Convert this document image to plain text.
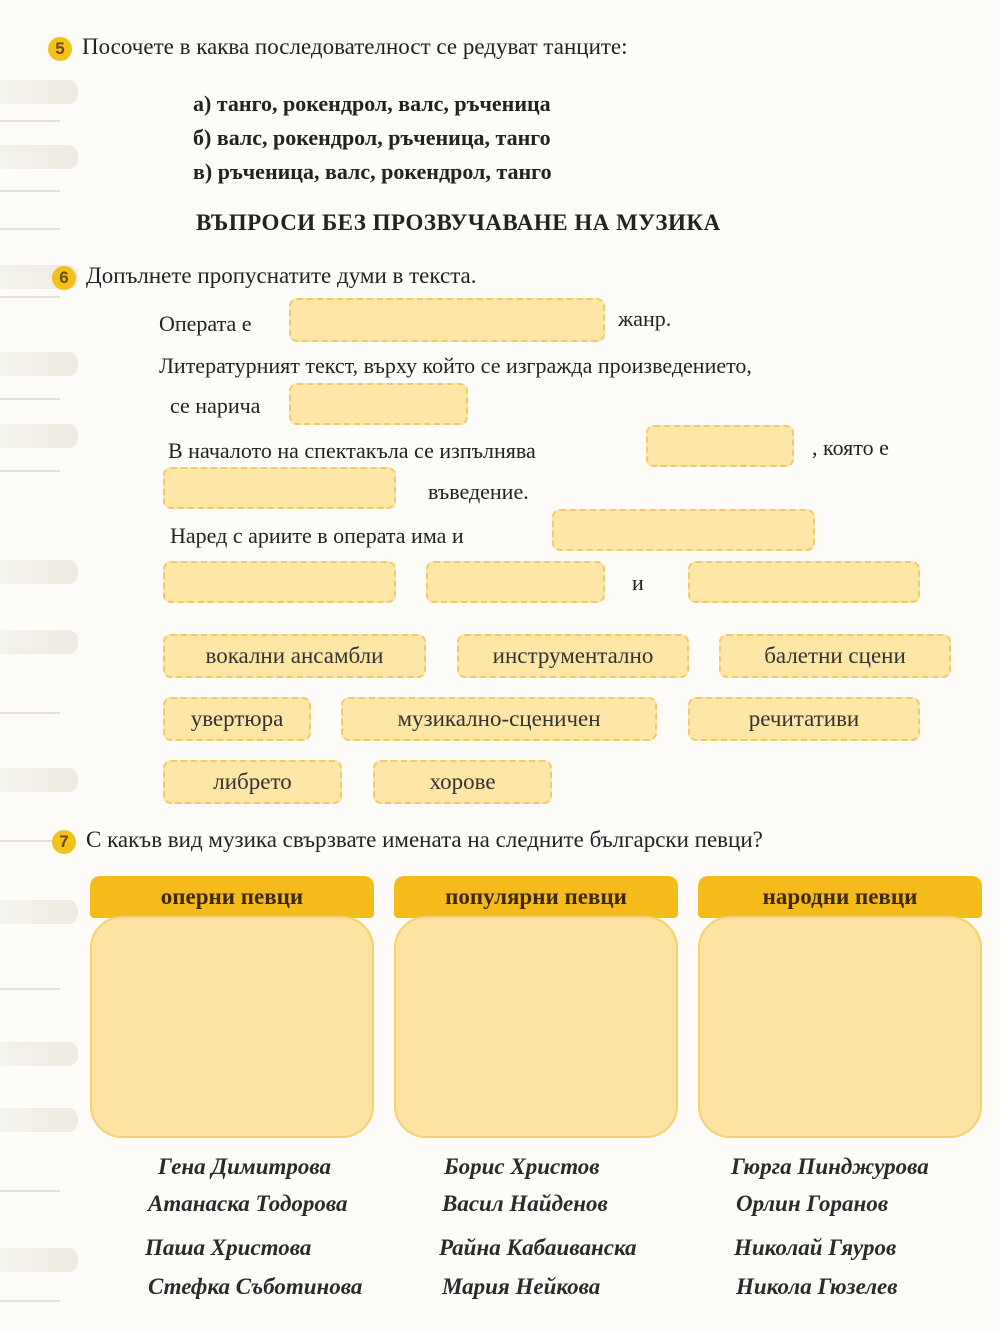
5 Посочете в каква последователност се редуват танците:
а) танго, рокендрол, валс, ръченица
б) валс, рокендрол, ръченица, танго
в) ръченица, валс, рокендрол, танго
ВЪПРОСИ БЕЗ ПРОЗВУЧАВАНЕ НА МУЗИКА
6 Допълнете пропуснатите думи в текста.
Операта е	жанр.
Литературният текст, върху който се изгражда произведението,
се нарича
В началото на спектакъла се изпълнява	, която е
въведение.
Наред с ариите в операта има и
и
вокални ансамбли	инструментално	балетни сцени
увертюра	музикално-сценичен	речитативи
либрето	хорове
7 С какъв вид музика свързвате имената на следните български певци?
оперни певци	популярни певци	народни певци
Гена Димитрова	Борис Христов	Гюрга Пинджурова
Атанаска Тодорова	Васил Найденов	Орлин Горанов
Паша Христова	Райна Кабаиванска	Николай Гяуров
Стефка Съботинова	Мария Нейкова	Никола Гюзелев
